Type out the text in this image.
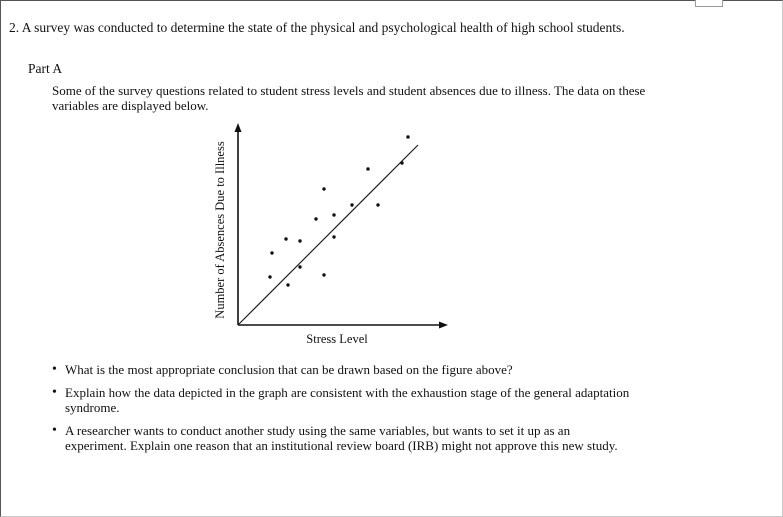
2. A survey was conducted to determine the state of the physical and psychological health of high school students.
Part A
Some of the survey questions related to student stress levels and student absences due to illness. The data on these variables are displayed below.
Stress Level
Number of Absences Due to Illness
• What is the most appropriate conclusion that can be drawn based on the figure above?
• Explain how the data depicted in the graph are consistent with the exhaustion stage of the general adaptation syndrome.
• A researcher wants to conduct another study using the same variables, but wants to set it up as an experiment. Explain one reason that an institutional review board (IRB) might not approve this new study.
